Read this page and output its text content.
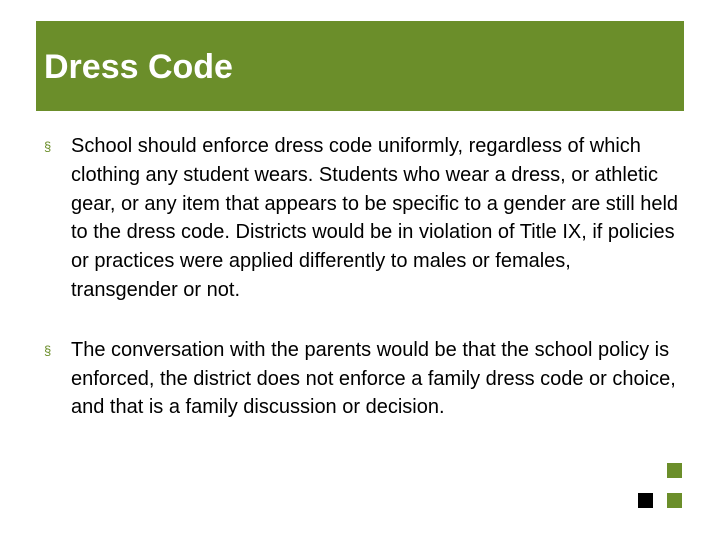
Dress Code
§ School should enforce dress code uniformly, regardless of which clothing any student wears. Students who wear a dress, or athletic gear, or any item that appears to be specific to a gender are still held to the dress code. Districts would be in violation of Title IX, if policies or practices were applied differently to males or females, transgender or not.
§ The conversation with the parents would be that the school policy is enforced, the district does not enforce a family dress code or choice, and that is a family discussion or decision.
